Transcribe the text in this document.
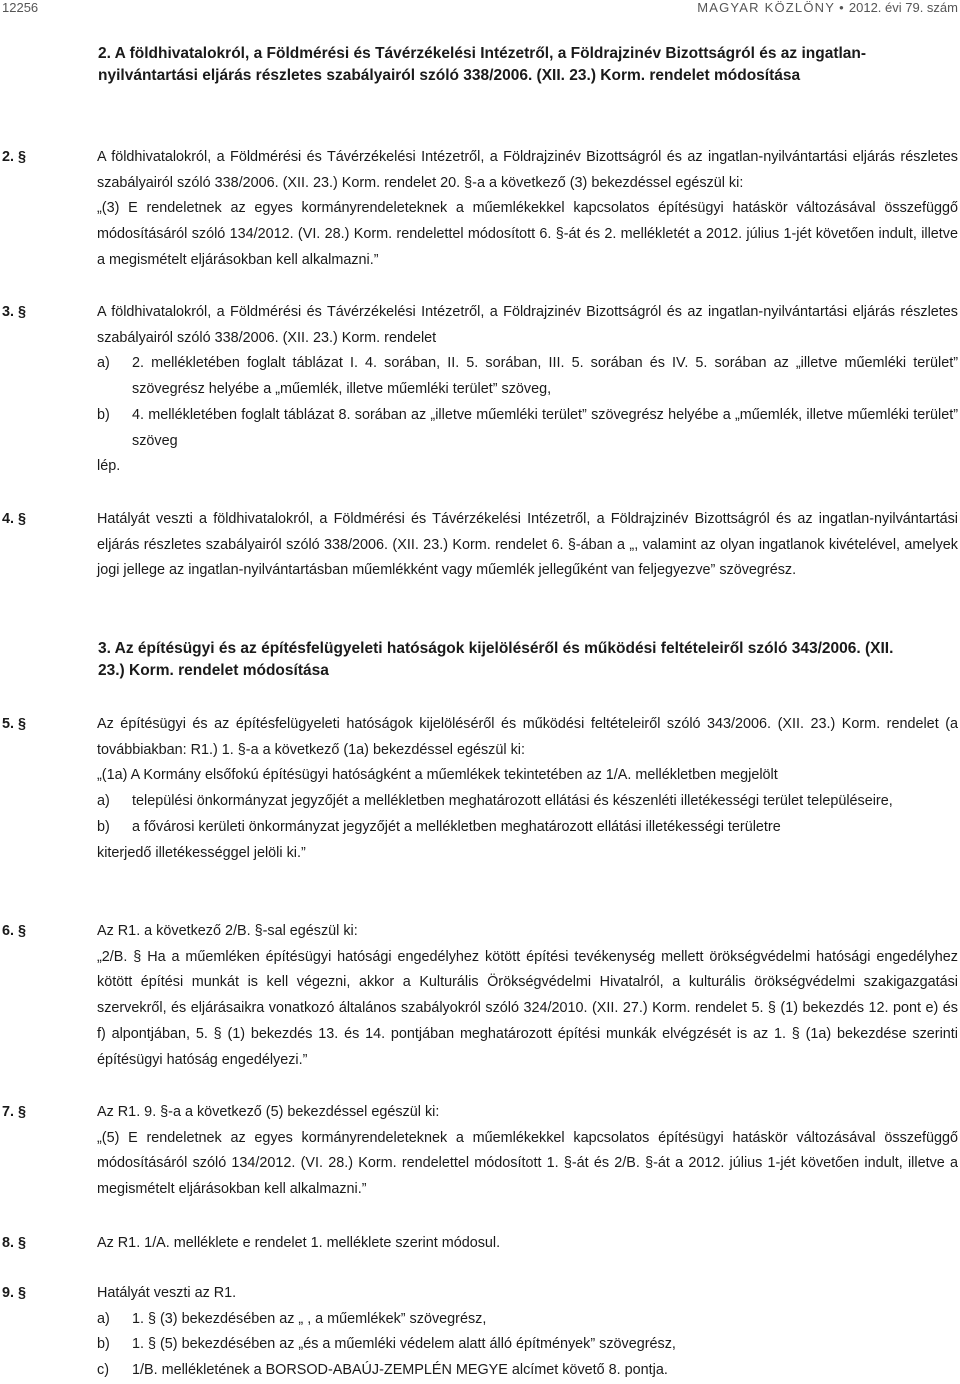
12256	MAGYAR KÖZLÖNY • 2012. évi 79. szám
2. A földhivatalokról, a Földmérési és Távérzékelési Intézetről, a Földrajzinév Bizottságról és az ingatlan-nyilvántartási eljárás részletes szabályairól szóló 338/2006. (XII. 23.) Korm. rendelet módosítása
2. §	A földhivatalokról, a Földmérési és Távérzékelési Intézetről, a Földrajzinév Bizottságról és az ingatlan-nyilvántartási eljárás részletes szabályairól szóló 338/2006. (XII. 23.) Korm. rendelet 20. §-a a következő (3) bekezdéssel egészül ki:

„(3) E rendeletnek az egyes kormányrendeleteknek a műemlékekkel kapcsolatos építésügyi hatáskör változásával összefüggő módosításáról szóló 134/2012. (VI. 28.) Korm. rendelettel módosított 6. §-át és 2. mellékletét a 2012. július 1-jét követően indult, illetve a megismételt eljárásokban kell alkalmazni.”

3. §	A földhivatalokról, a Földmérési és Távérzékelési Intézetről, a Földrajzinév Bizottságról és az ingatlan-nyilvántartási eljárás részletes szabályairól szóló 338/2006. (XII. 23.) Korm. rendelet

a)	2. mellékletében foglalt táblázat I. 4. sorában, II. 5. sorában, III. 5. sorában és IV. 5. sorában az „illetve műemléki terület” szövegrész helyébe a „műemlék, illetve műemléki terület” szöveg,
b)	4. mellékletében foglalt táblázat 8. sorában az „illetve műemléki terület” szövegrész helyébe a „műemlék, illetve műemléki terület” szöveg

lép.

4. §	Hatályát veszti a földhivatalokról, a Földmérési és Távérzékelési Intézetről, a Földrajzinév Bizottságról és az ingatlan-nyilvántartási eljárás részletes szabályairól szóló 338/2006. (XII. 23.) Korm. rendelet 6. §-ában a „, valamint az olyan ingatlanok kivételével, amelyek jogi jellege az ingatlan-nyilvántartásban műemlékként vagy műemlék jellegűként van feljegyezve” szövegrész.

3. Az építésügyi és az építésfelügyeleti hatóságok kijelöléséről és működési feltételeiről szóló 343/2006. (XII. 23.) Korm. rendelet módosítása
5. §	Az építésügyi és az építésfelügyeleti hatóságok kijelöléséről és működési feltételeiről szóló 343/2006. (XII. 23.) Korm. rendelet (a továbbiakban: R1.) 1. §-a a következő (1a) bekezdéssel egészül ki:

„(1a) A Kormány elsőfokú építésügyi hatóságként a műemlékek tekintetében az 1/A. mellékletben megjelölt

a)	települési önkormányzat jegyzőjét a mellékletben meghatározott ellátási és készenléti illetékességi terület településeire,
b)	a fővárosi kerületi önkormányzat jegyzőjét a mellékletben meghatározott ellátási illetékességi területre

kiterjedő illetékességgel jelöli ki.”

6. §	Az R1. a következő 2/B. §-sal egészül ki:

„2/B. § Ha a műemléken építésügyi hatósági engedélyhez kötött építési tevékenység mellett örökségvédelmi hatósági engedélyhez kötött építési munkát is kell végezni, akkor a Kulturális Örökségvédelmi Hivatalról, a kulturális örökségvédelmi szakigazgatási szervekről, és eljárásaikra vonatkozó általános szabályokról szóló 324/2010. (XII. 27.) Korm. rendelet 5. § (1) bekezdés 12. pont e) és f) alpontjában, 5. § (1) bekezdés 13. és 14. pontjában meghatározott építési munkák elvégzését is az 1. § (1a) bekezdése szerinti építésügyi hatóság engedélyezi.”

7. §	Az R1. 9. §-a a következő (5) bekezdéssel egészül ki:

„(5) E rendeletnek az egyes kormányrendeleteknek a műemlékekkel kapcsolatos építésügyi hatáskör változásával összefüggő módosításáról szóló 134/2012. (VI. 28.) Korm. rendelettel módosított 1. §-át és 2/B. §-át a 2012. július 1-jét követően indult, illetve a megismételt eljárásokban kell alkalmazni.”

8. §	Az R1. 1/A. melléklete e rendelet 1. melléklete szerint módosul.

9. §	Hatályát veszti az R1.

a)	1. § (3) bekezdésében az „ , a műemlékek” szövegrész,
b)	1. § (5) bekezdésében az „és a műemléki védelem alatt álló építmények” szövegrész,
c)	1/B. mellékletének a BORSOD-ABAÚJ-ZEMPLÉN MEGYE alcímet követő 8. pontja.
